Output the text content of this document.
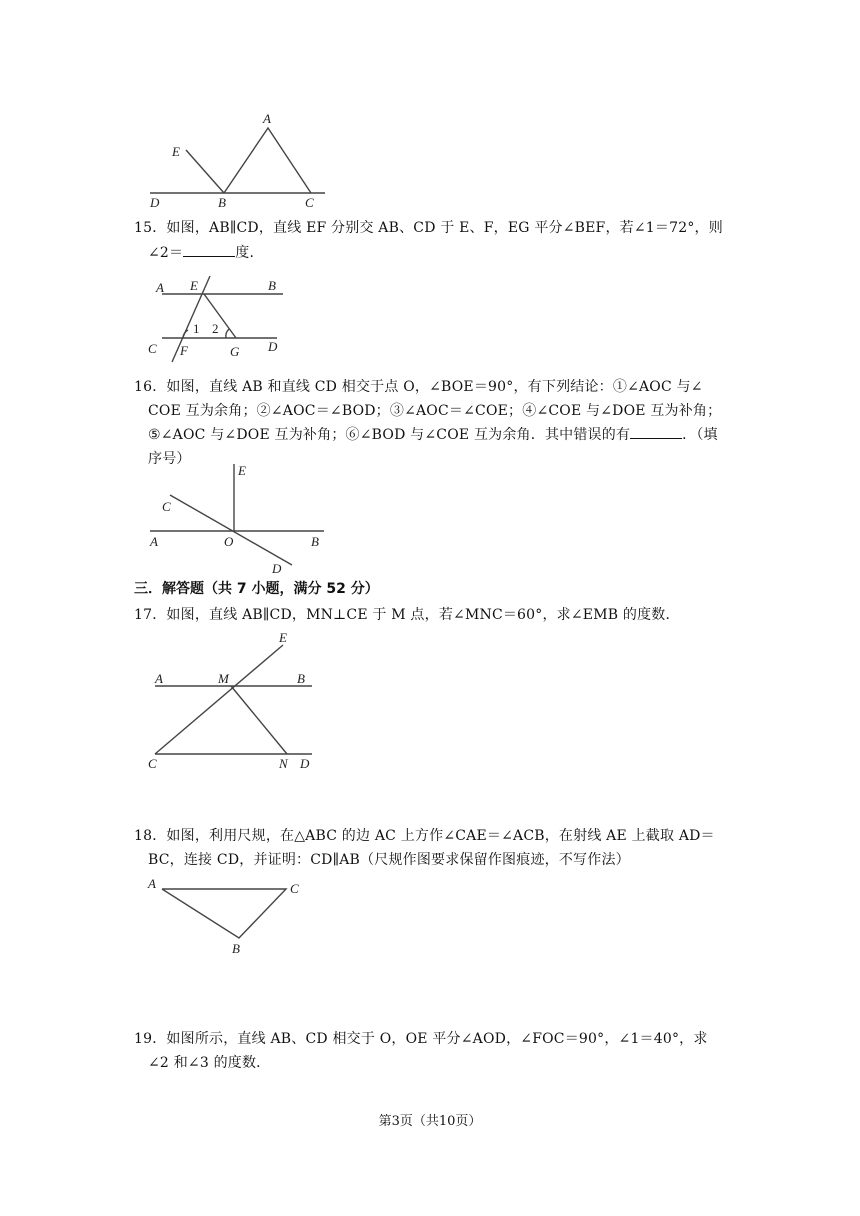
A
E
D	B	C
15．如图，AB∥CD，直线 EF 分别交 AB、CD 于 E、F，EG 平分∠BEF，若∠1＝72°，则
∠2＝	度.
A E	B
C F	G D
1 2
16．如图，直线 AB 和直线 CD 相交于点 O，∠BOE＝90°，有下列结论：①∠AOC 与∠
COE 互为余角；②∠AOC＝∠BOD；③∠AOC＝∠COE；④∠COE 与∠DOE 互为补角；
⑤∠AOC 与∠DOE 互为补角；⑥∠BOD 与∠COE 互为余角．其中错误的有	．（填
序号）
E
C
A	O	B
D
三．解答题（共 7 小题，满分 52 分）
17．如图，直线 AB∥CD，MN⊥CE 于 M 点，若∠MNC＝60°，求∠EMB 的度数．
E
A	M	B
C	N D
18．如图，利用尺规，在△ABC 的边 AC 上方作∠CAE＝∠ACB，在射线 AE 上截取 AD＝
BC，连接 CD，并证明：CD∥AB（尺规作图要求保留作图痕迹，不写作法）
A	C
B
19．如图所示，直线 AB、CD 相交于 O，OE 平分∠AOD，∠FOC＝90°，∠1＝40°，求
∠2 和∠3 的度数．
第3页（共10页）
